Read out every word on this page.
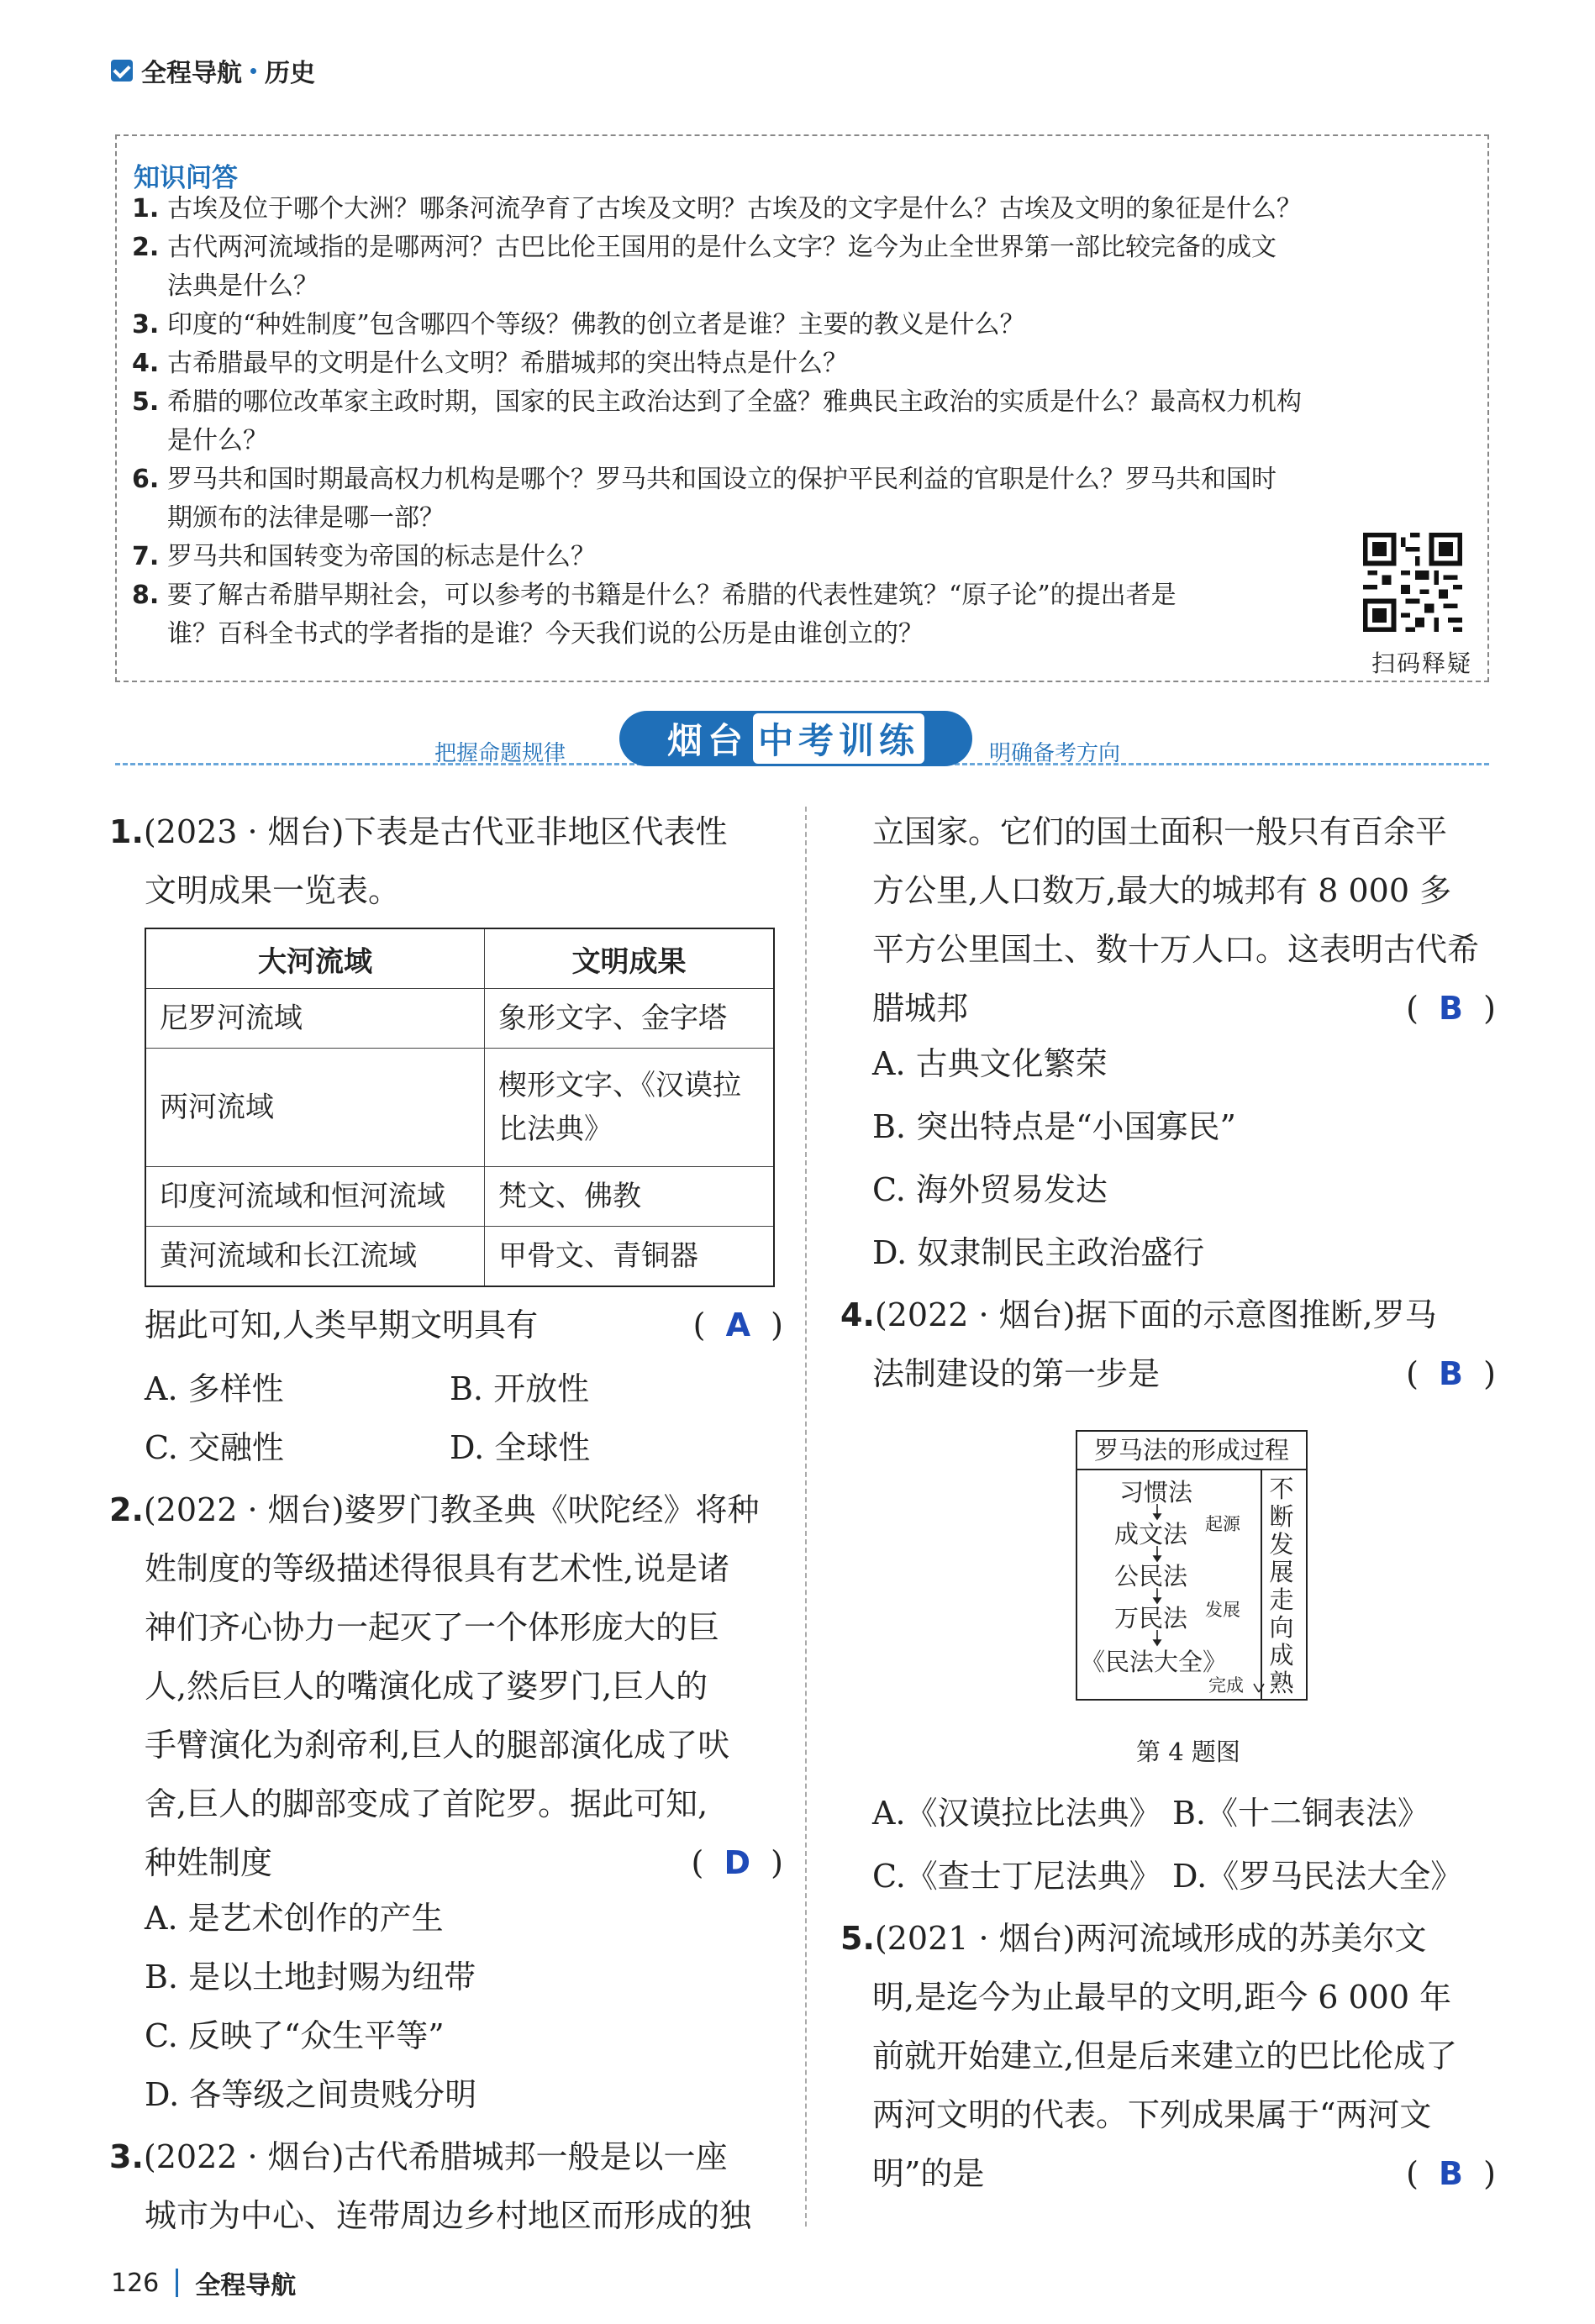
全程导航 历史
知识问答
1. 古埃及位于哪个大洲？哪条河流孕育了古埃及文明？古埃及的文字是什么？古埃及文明的象征是什么？
2. 古代两河流域指的是哪两河？古巴比伦王国用的是什么文字？迄今为止全世界第一部比较完备的成文
法典是什么？
3. 印度的“种姓制度”包含哪四个等级？佛教的创立者是谁？主要的教义是什么？
4. 古希腊最早的文明是什么文明？希腊城邦的突出特点是什么？
5. 希腊的哪位改革家主政时期，国家的民主政治达到了全盛？雅典民主政治的实质是什么？最高权力机构
是什么？
6. 罗马共和国时期最高权力机构是哪个？罗马共和国设立的保护平民利益的官职是什么？罗马共和国时
期颁布的法律是哪一部？
7. 罗马共和国转变为帝国的标志是什么？
8. 要了解古希腊早期社会，可以参考的书籍是什么？希腊的代表性建筑？“原子论”的提出者是
谁？百科全书式的学者指的是谁？今天我们说的公历是由谁创立的？
扫码释疑
把握命题规律	烟台 中考训练	明确备考方向
1.(2023 · 烟台)下表是古代亚非地区代表性
文明成果一览表。
大河流域	文明成果
尼罗河流域	象形文字、金字塔
两河流域	楔形文字、《汉谟拉比法典》
印度河流域和恒河流域	梵文、佛教
黄河流域和长江流域	甲骨文、青铜器
据此可知,人类早期文明具有	(  A  )
A. 多样性	B. 开放性
C. 交融性	D. 全球性
2.(2022 · 烟台)婆罗门教圣典《吠陀经》将种
姓制度的等级描述得很具有艺术性,说是诸
神们齐心协力一起灭了一个体形庞大的巨
人,然后巨人的嘴演化成了婆罗门,巨人的
手臂演化为刹帝利,巨人的腿部演化成了吠
舍,巨人的脚部变成了首陀罗。据此可知,
种姓制度	(  D  )
A. 是艺术创作的产生
B. 是以土地封赐为纽带
C. 反映了“众生平等”
D. 各等级之间贵贱分明
3.(2022 · 烟台)古代希腊城邦一般是以一座
城市为中心、连带周边乡村地区而形成的独
立国家。它们的国土面积一般只有百余平
方公里,人口数万,最大的城邦有 8 000 多
平方公里国土、数十万人口。这表明古代希
腊城邦	(  B  )
A. 古典文化繁荣
B. 突出特点是“小国寡民”
C. 海外贸易发达
D. 奴隶制民主政治盛行
4.(2022 · 烟台)据下面的示意图推断,罗马
法制建设的第一步是	(  B  )
罗马法的形成过程
习惯法
成文法
公民法
万民法
《民法大全》
起源
发展
完成
不断发展走向成熟
第 4 题图
A.《汉谟拉比法典》 B.《十二铜表法》
C.《查士丁尼法典》 D.《罗马民法大全》
5.(2021 · 烟台)两河流域形成的苏美尔文
明,是迄今为止最早的文明,距今 6 000 年
前就开始建立,但是后来建立的巴比伦成了
两河文明的代表。下列成果属于“两河文
明”的是	(  B  )
126 全程导航
